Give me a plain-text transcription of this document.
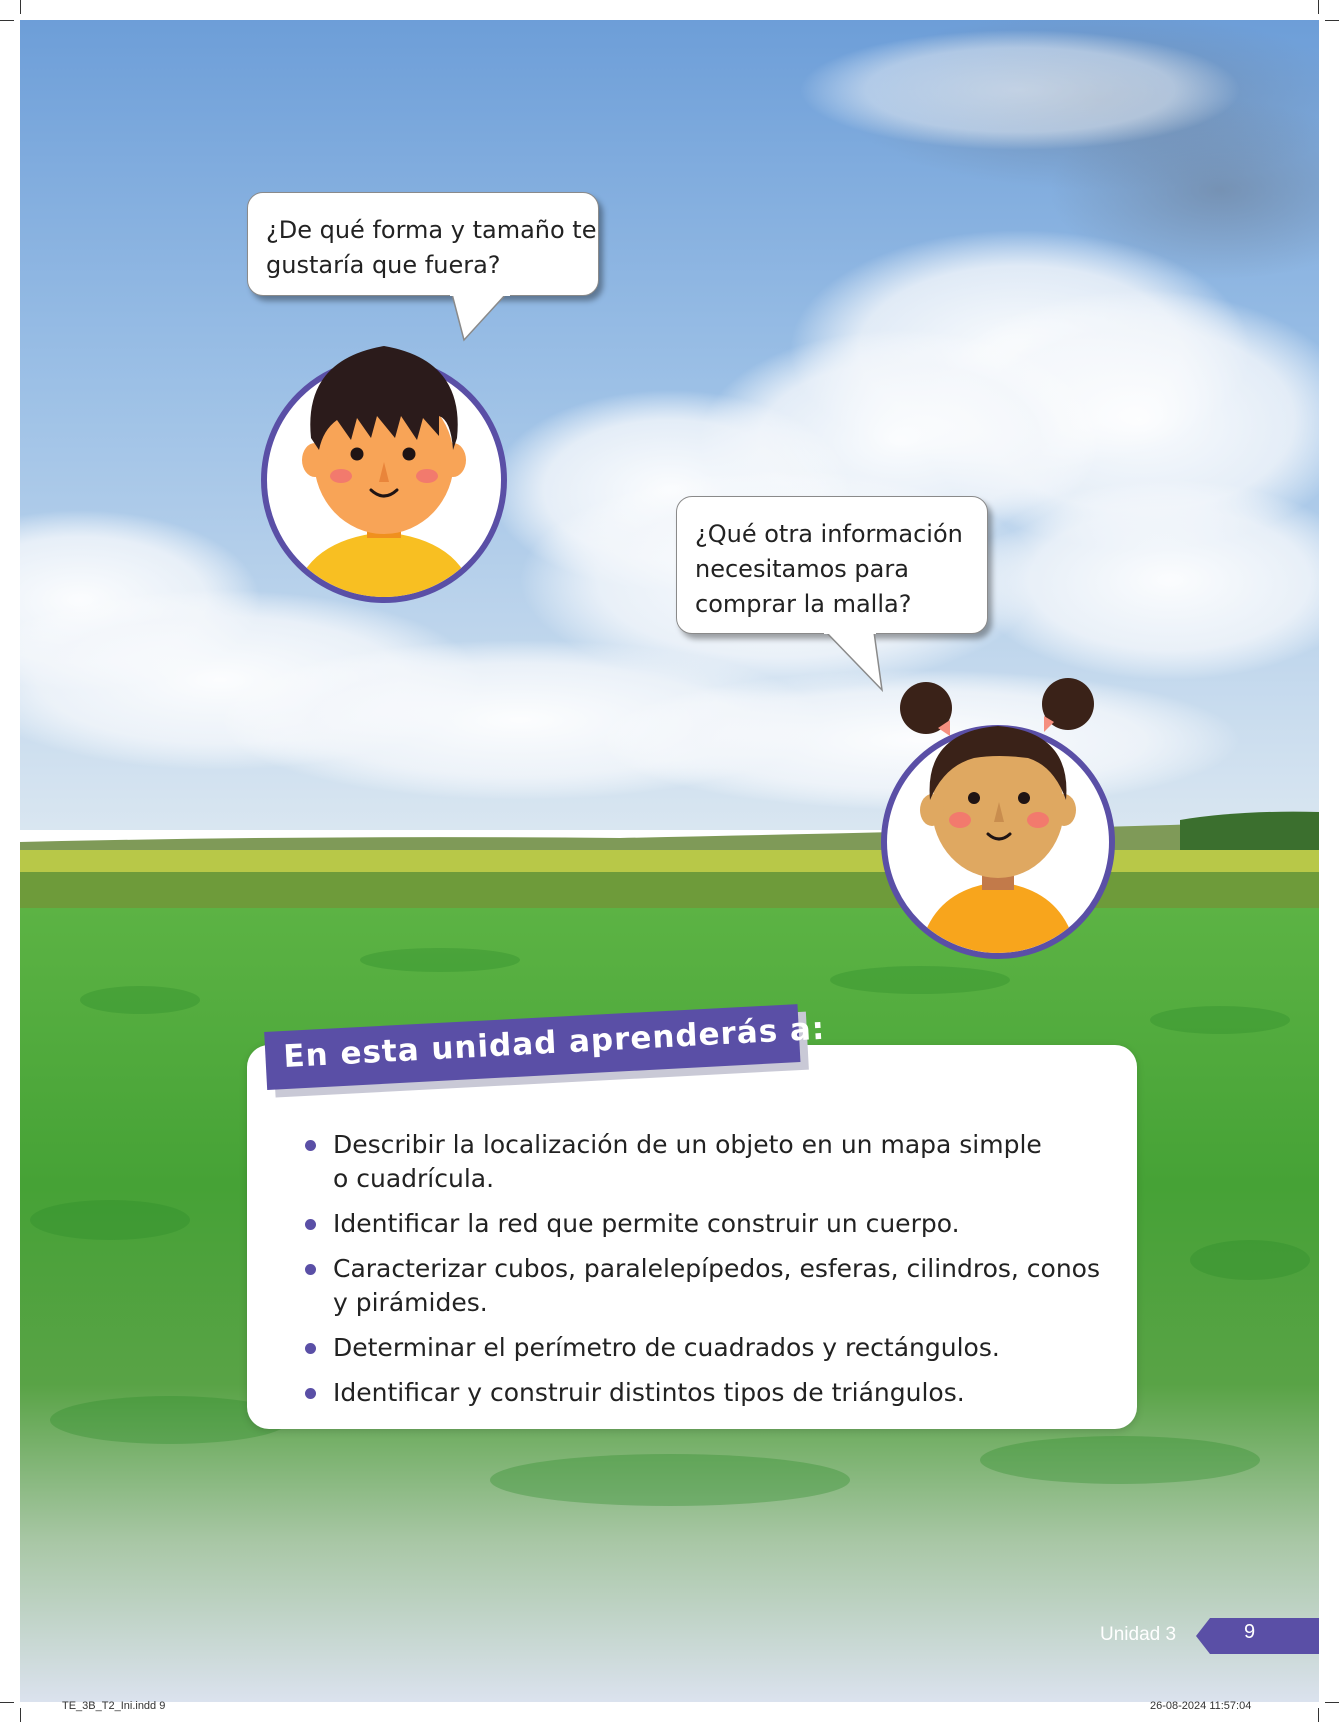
¿De qué forma y tamaño te
gustaría que fuera?
¿Qué otra información
necesitamos para
comprar la malla?
En esta unidad aprenderás a:
Describir la localización de un objeto en un mapa simple
o cuadrícula.
Identificar la red que permite construir un cuerpo.
Caracterizar cubos, paralelepípedos, esferas, cilindros, conos
y pirámides.
Determinar el perímetro de cuadrados y rectángulos.
Identificar y construir distintos tipos de triángulos.
Unidad 3	9
TE_3B_T2_Ini.indd 9	26-08-2024 11:57:04
